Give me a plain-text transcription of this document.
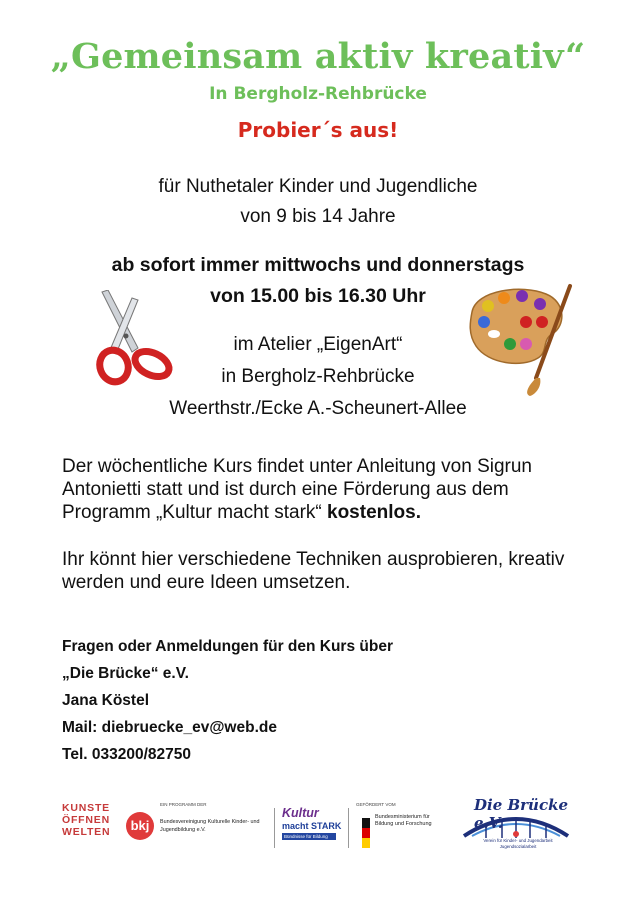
„Gemeinsam aktiv kreativ“
In Bergholz-Rehbrücke
Probier´s aus!
für Nuthetaler Kinder und Jugendliche
von 9 bis 14 Jahre
ab sofort immer mittwochs und donnerstags
von 15.00 bis 16.30 Uhr
im Atelier „EigenArt“
in Bergholz-Rehbrücke
Weerthstr./Ecke A.-Scheunert-Allee
Der wöchentliche Kurs findet unter Anleitung von Sigrun Antonietti statt und ist durch eine Förderung aus dem Programm „Kultur macht stark“ kostenlos.
Ihr könnt hier verschiedene Techniken ausprobieren, kreativ werden und eure Ideen umsetzen.
Fragen oder Anmeldungen für den Kurs über
„Die Brücke“ e.V.
Jana Köstel
Mail: diebruecke_ev@web.de
Tel. 033200/82750
KUNSTE ÖFFNEN WELTEN
EIN PROGRAMM DER
bkj	Bundesvereinigung Kulturelle Kinder- und Jugendbildung e.V.
Kultur
macht STARK
Bündnisse für Bildung
GEFÖRDERT VOM
Bundesministerium für Bildung und Forschung
Die Brücke e.V.
Verein für Kinder- und Jugendarbeit Jugendsozialarbeit
